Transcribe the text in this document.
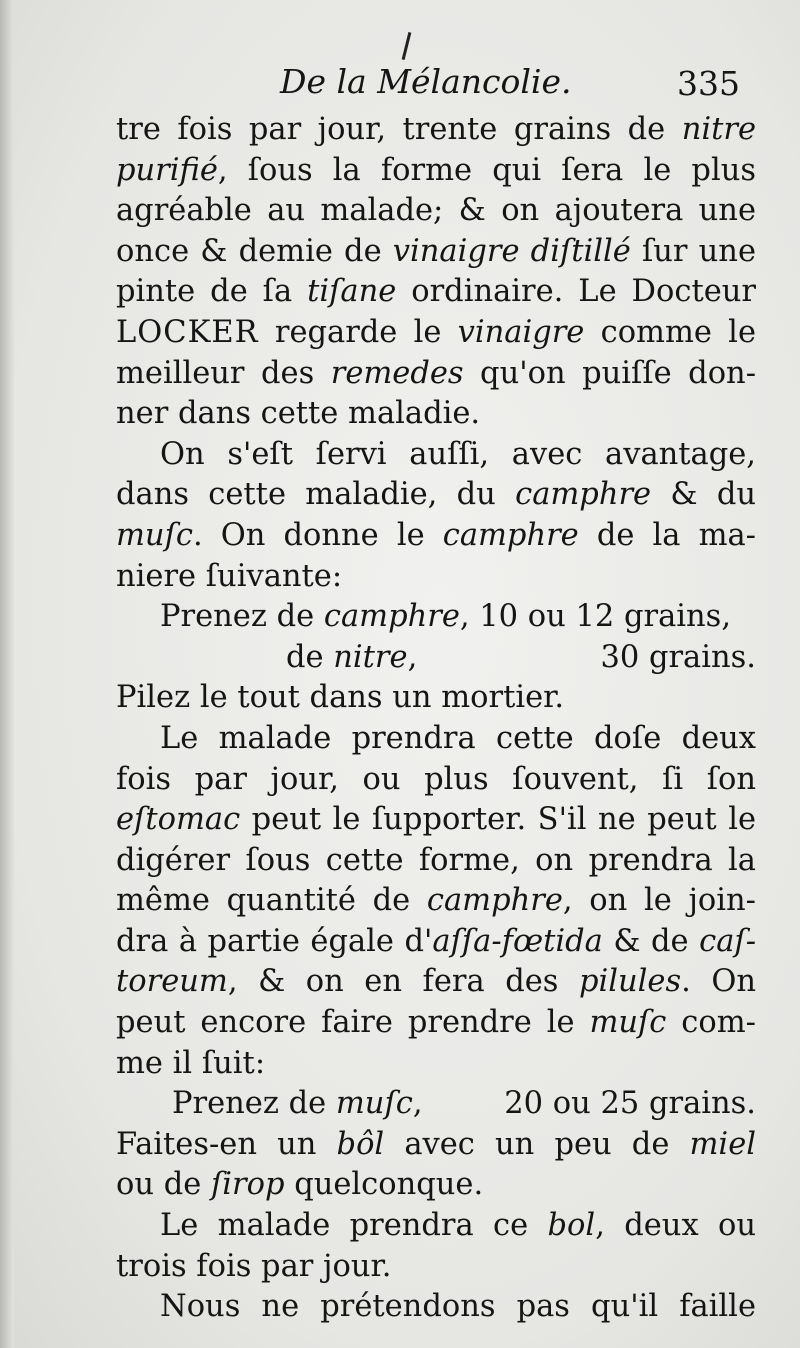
De la Mélancolie.	335
tre fois par jour, trente grains de nitre
purifié, ſous la forme qui ſera le plus
agréable au malade; & on ajoutera une
once & demie de vinaigre diſtillé ſur une
pinte de ſa tiſane ordinaire. Le Docteur
LOCKER regarde le vinaigre comme le
meilleur des remedes qu'on puiſſe don-
ner dans cette maladie.
On s'eſt ſervi auſſi, avec avantage,
dans cette maladie, du camphre & du
muſc. On donne le camphre de la ma-
niere ſuivante:
Prenez de camphre, 10 ou 12 grains,
de nitre,	30 grains.
Pilez le tout dans un mortier.
Le malade prendra cette doſe deux
fois par jour, ou plus ſouvent, ſi ſon
eſtomac peut le ſupporter. S'il ne peut le
digérer ſous cette forme, on prendra la
même quantité de camphre, on le join-
dra à partie égale d'aſſa-fœtida & de caſ-
toreum, & on en fera des pilules. On
peut encore faire prendre le muſc com-
me il ſuit:
Prenez de muſc,	20 ou 25 grains.
Faites-en un bôl avec un peu de miel
ou de ſirop quelconque.
Le malade prendra ce bol, deux ou
trois fois par jour.
Nous ne prétendons pas qu'il faille
